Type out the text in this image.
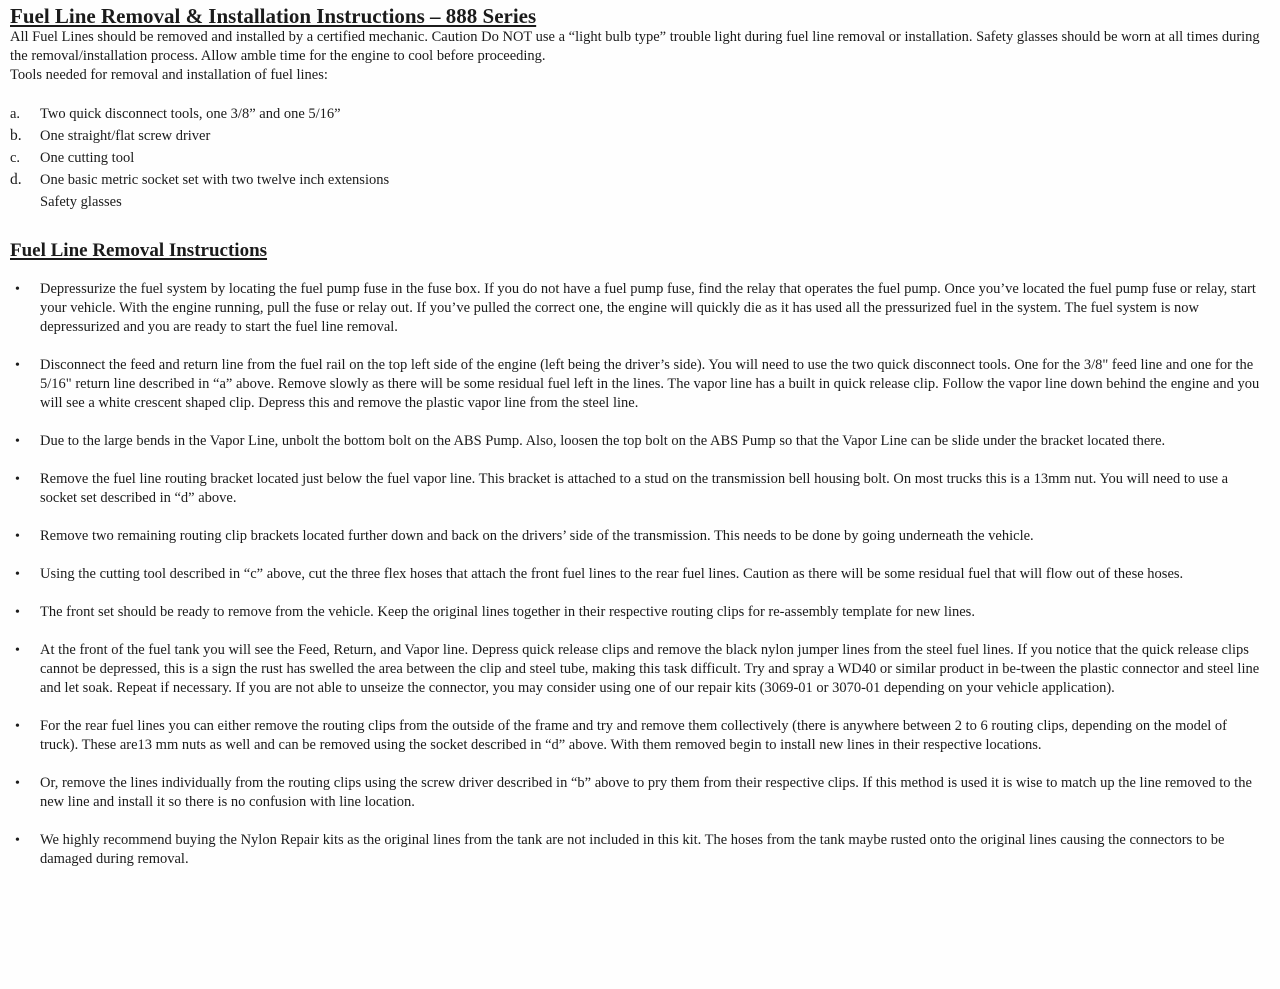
Fuel Line Removal & Installation Instructions – 888 Series

All Fuel Lines should be removed and installed by a certified mechanic. Caution Do NOT use a “light bulb type” trouble light during fuel line removal or installation. Safety glasses should be worn at all times during the removal/installation process. Allow amble time for the engine to cool before proceeding.

Tools needed for removal and installation of fuel lines:

a.	Two quick disconnect tools, one 3/8” and one 5/16”
b.	One straight/flat screw driver
c.	One cutting tool
d.	One basic metric socket set with two twelve inch extensions
Safety glasses
Fuel Line Removal Instructions
•
Depressurize the fuel system by locating the fuel pump fuse in the fuse box. If you do not have a fuel pump fuse, find the relay that operates the fuel pump. Once you’ve located the fuel pump fuse or relay, start your vehicle. With the engine running, pull the fuse or relay out. If you’ve pulled the correct one, the engine will quickly die as it has used all the pressurized fuel in the system. The fuel system is now depressurized and you are ready to start the fuel line removal.
•
Disconnect the feed and return line from the fuel rail on the top left side of the engine (left being the driver’s side). You will need to use the two quick disconnect tools. One for the 3/8" feed line and one for the 5/16" return line described in “a” above. Remove slowly as there will be some residual fuel left in the lines. The vapor line has a built in quick release clip. Follow the vapor line down behind the engine and you will see a white crescent shaped clip. Depress this and remove the plastic vapor line from the steel line.
•
Due to the large bends in the Vapor Line, unbolt the bottom bolt on the ABS Pump. Also, loosen the top bolt on the ABS Pump so that the Vapor Line can be slide under the bracket located there.
•
Remove the fuel line routing bracket located just below the fuel vapor line. This bracket is attached to a stud on the transmission bell housing bolt. On most trucks this is a 13mm nut. You will need to use a socket set described in “d” above.
•
Remove two remaining routing clip brackets located further down and back on the drivers’ side of the transmission. This needs to be done by going underneath the vehicle.
•
Using the cutting tool described in “c” above, cut the three flex hoses that attach the front fuel lines to the rear fuel lines. Caution as there will be some residual fuel that will flow out of these hoses.
•
The front set should be ready to remove from the vehicle. Keep the original lines together in their respective routing clips for re-assembly template for new lines.
•
At the front of the fuel tank you will see the Feed, Return, and Vapor line. Depress quick release clips and remove the black nylon jumper lines from the steel fuel lines. If you notice that the quick release clips cannot be depressed, this is a sign the rust has swelled the area between the clip and steel tube, making this task difficult. Try and spray a WD40 or similar product in be-tween the plastic connector and steel line and let soak. Repeat if necessary. If you are not able to unseize the connector, you may consider using one of our repair kits (3069-01 or 3070-01 depending on your vehicle application).
•
For the rear fuel lines you can either remove the routing clips from the outside of the frame and try and remove them collectively (there is anywhere between 2 to 6 routing clips, depending on the model of truck). These are13 mm nuts as well and can be removed using the socket described in “d” above. With them removed begin to install new lines in their respective locations.
•
Or, remove the lines individually from the routing clips using the screw driver described in “b” above to pry them from their respective clips. If this method is used it is wise to match up the line removed to the new line and install it so there is no confusion with line location.
•
We highly recommend buying the Nylon Repair kits as the original lines from the tank are not included in this kit. The hoses from the tank maybe rusted onto the original lines causing the connectors to be damaged during removal.
